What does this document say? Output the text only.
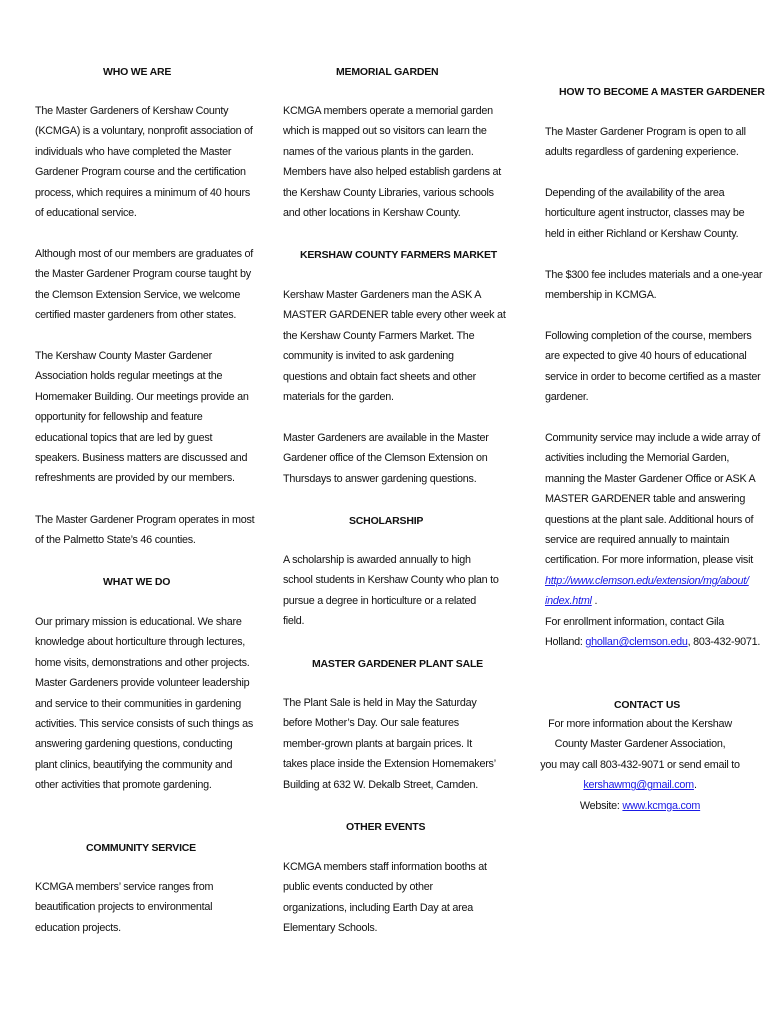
WHO WE ARE
The Master Gardeners of Kershaw County
(KCMGA) is a voluntary, nonprofit association of
individuals who have completed the Master
Gardener Program course and the certification
process, which requires a minimum of 40 hours
of educational service.
Although most of our members are graduates of
the Master Gardener Program course taught by
the Clemson Extension Service, we welcome
certified master gardeners from other states.
The Kershaw County Master Gardener
Association holds regular meetings at the
Homemaker Building. Our meetings provide an
opportunity for fellowship and feature
educational topics that are led by guest
speakers. Business matters are discussed and
refreshments are provided by our members.
The Master Gardener Program operates in most
of the Palmetto State’s 46 counties.
WHAT WE DO
Our primary mission is educational. We share
knowledge about horticulture through lectures,
home visits, demonstrations and other projects.
Master Gardeners provide volunteer leadership
and service to their communities in gardening
activities. This service consists of such things as
answering gardening questions, conducting
plant clinics, beautifying the community and
other activities that promote gardening.
COMMUNITY SERVICE
KCMGA members’ service ranges from
beautification projects to environmental
education projects.
MEMORIAL GARDEN
KCMGA members operate a memorial garden
which is mapped out so visitors can learn the
names of the various plants in the garden.
Members have also helped establish gardens at
the Kershaw County Libraries, various schools
and other locations in Kershaw County.
KERSHAW COUNTY FARMERS MARKET
Kershaw Master Gardeners man the ASK A
MASTER GARDENER table every other week at
the Kershaw County Farmers Market. The
community is invited to ask gardening
questions and obtain fact sheets and other
materials for the garden.
Master Gardeners are available in the Master
Gardener office of the Clemson Extension on
Thursdays to answer gardening questions.
SCHOLARSHIP
A scholarship is awarded annually to high
school students in Kershaw County who plan to
pursue a degree in horticulture or a related
field.
MASTER GARDENER PLANT SALE
The Plant Sale is held in May the Saturday
before Mother’s Day. Our sale features
member-grown plants at bargain prices. It
takes place inside the Extension Homemakers’
Building at 632 W. Dekalb Street, Camden.
OTHER EVENTS
KCMGA members staff information booths at
public events conducted by other
organizations, including Earth Day at area
Elementary Schools.
HOW TO BECOME A MASTER GARDENER
The Master Gardener Program is open to all
adults regardless of gardening experience.
Depending of the availability of the area
horticulture agent instructor, classes may be
held in either Richland or Kershaw County.
The $300 fee includes materials and a one-year
membership in KCMGA.
Following completion of the course, members
are expected to give 40 hours of educational
service in order to become certified as a master
gardener.
Community service may include a wide array of
activities including the Memorial Garden,
manning the Master Gardener Office or ASK A
MASTER GARDENER table and answering
questions at the plant sale. Additional hours of
service are required annually to maintain
certification. For more information, please visit
http://www.clemson.edu/extension/mg/about/
index.html .
For enrollment information, contact Gila
Holland: ghollan@clemson.edu, 803-432-9071.
CONTACT US
For more information about the Kershaw
County Master Gardener Association,
you may call 803-432-9071 or send email to
kershawmg@gmail.com.
Website: www.kcmga.com
